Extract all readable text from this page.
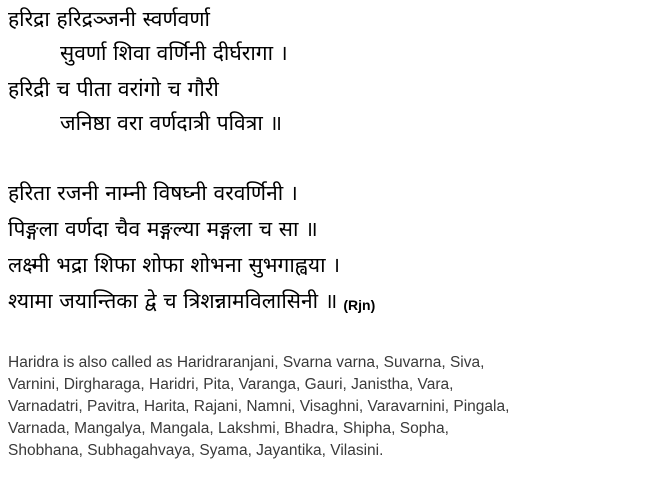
हरिद्रा हरिद्रञ्जनी स्वर्णवर्णा
सुवर्णा शिवा वर्णिनी दीर्घरागा ।
हरिद्री च पीता वरांगो च गौरी
जनिष्ठा वरा वर्णदात्री पवित्रा ॥
हरिता रजनी नाम्नी विषघ्नी वरवर्णिनी ।
पिङ्गला वर्णदा चैव मङ्गल्या मङ्गला च सा ॥
लक्ष्मी भद्रा शिफा शोफा शोभना सुभगाह्वया ।
श्यामा जयान्तिका द्वे च त्रिशन्नामविलासिनी ॥ (Rjn)
Haridra is also called as Haridraranjani, Svarna varna, Suvarna, Siva,
Varnini, Dirgharaga, Haridri, Pita, Varanga, Gauri, Janistha, Vara,
Varnadatri, Pavitra, Harita, Rajani, Namni, Visaghni, Varavarnini, Pingala,
Varnada, Mangalya, Mangala, Lakshmi, Bhadra, Shipha, Sopha,
Shobhana, Subhagahvaya, Syama, Jayantika, Vilasini.
